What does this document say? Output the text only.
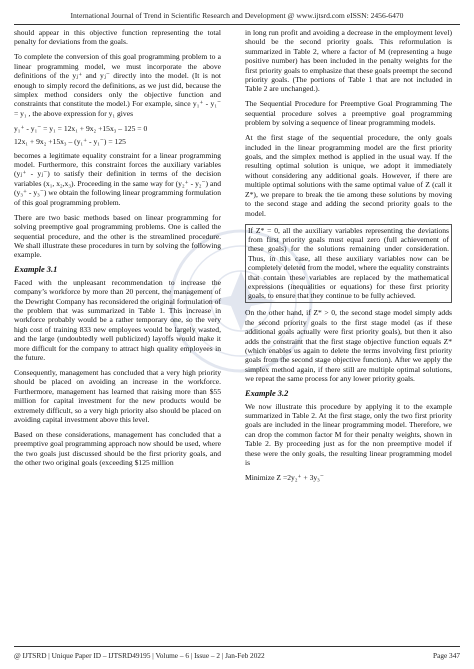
International Journal of Trend in Scientific Research and Development @ www.ijtsrd.com eISSN: 2456-6470

should appear in this objective function representing the total penalty for deviations from the goals.

To complete the conversion of this goal programming problem to a linear programming model, we must incorporate the above definitions of the yⱼ⁺ and yⱼ⁻ directly into the model. (It is not enough to simply record the definitions, as we just did, because the simplex method considers only the objective function and constraints that constitute the model.) For example, since y₁⁺ - y₁⁻ = y₁ , the above expression for y₁ gives

y₁⁺ - y₁⁻ = y₁ = 12x₁ + 9x₂ +15x₃ – 125 = 0
12x₁ + 9x₂ +15x₃ – (y₁⁺ - y₁⁻) = 125

becomes a legitimate equality constraint for a linear programming model. Furthermore, this constraint forces the auxiliary variables (yⱼ⁺ - yⱼ⁻) to satisfy their definition in terms of the decision variables (x₁, x₂,x₃). Proceeding in the same way for (y₂⁺ - y₂⁻) and (y₃⁺ - y₃⁻) we obtain the following linear programming formulation of this goal programming problem.

There are two basic methods based on linear programming for solving preemptive goal programming problems. One is called the sequential procedure, and the other is the streamlined procedure. We shall illustrate these procedures in turn by solving the following example.

Example 3.1

Faced with the unpleasant recommendation to increase the company’s workforce by more than 20 percent, the management of the Dewright Company has reconsidered the original formulation of the problem that was summarized in Table 1. This increase in workforce probably would be a rather temporary one, so the very high cost of training 833 new employees would be largely wasted, and the large (undoubtedly well publicized) layoffs would make it more difficult for the company to attract high quality employees in the future.

Consequently, management has concluded that a very high priority should be placed on avoiding an increase in the workforce. Furthermore, management has learned that raising more than $55 million for capital investment for the new products would be extremely difficult, so a very high priority also should be placed on avoiding capital investment above this level.

Based on these considerations, management has concluded that a preemptive goal programming approach now should be used, where the two goals just discussed should be the first priority goals, and the other two original goals (exceeding $125 million

in long run profit and avoiding a decrease in the employment level) should be the second priority goals. This reformulation is summarized in Table 2, where a factor of M (representing a huge positive number) has been included in the penalty weights for the first priority goals to emphasize that these goals preempt the second priority goals. (The portions of Table 1 that are not included in Table 2 are unchanged.).

The Sequential Procedure for Preemptive Goal Programming The sequential procedure solves a preemptive goal programming problem by solving a sequence of linear programming models.

At the first stage of the sequential procedure, the only goals included in the linear programming model are the first priority goals, and the simplex method is applied in the usual way. If the resulting optimal solution is unique, we adopt it immediately without considering any additional goals. However, if there are multiple optimal solutions with the same optimal value of Z (call it Z*), we prepare to break the tie among these solutions by moving to the second stage and adding the second priority goals to the model.

If Z* = 0, all the auxiliary variables representing the deviations from first priority goals must equal zero (full achievement of these goals) for the solutions remaining under consideration. Thus, in this case, all these auxiliary variables now can be completely deleted from the model, where the equality constraints that contain these variables are replaced by the mathematical expressions (inequalities or equations) for these first priority goals, to ensure that they continue to be fully achieved.

On the other hand, if Z* > 0, the second stage model simply adds the second priority goals to the first stage model (as if these additional goals actually were first priority goals), but then it also adds the constraint that the first stage objective function equals Z* (which enables us again to delete the terms involving first priority goals from the second stage objective function). After we apply the simplex method again, if there still are multiple optimal solutions, we repeat the same process for any lower priority goals.

Example 3.2

We now illustrate this procedure by applying it to the example summarized in Table 2. At the first stage, only the two first priority goals are included in the linear programming model. Therefore, we can drop the common factor M for their penalty weights, shown in Table 2. By proceeding just as for the non preemptive model if these were the only goals, the resulting linear programming model is

Minimize Z =2y₂⁺ + 3y₃⁻
@ IJTSRD | Unique Paper ID – IJTSRD49195 | Volume – 6 | Issue – 2 | Jan-Feb 2022	Page 347
